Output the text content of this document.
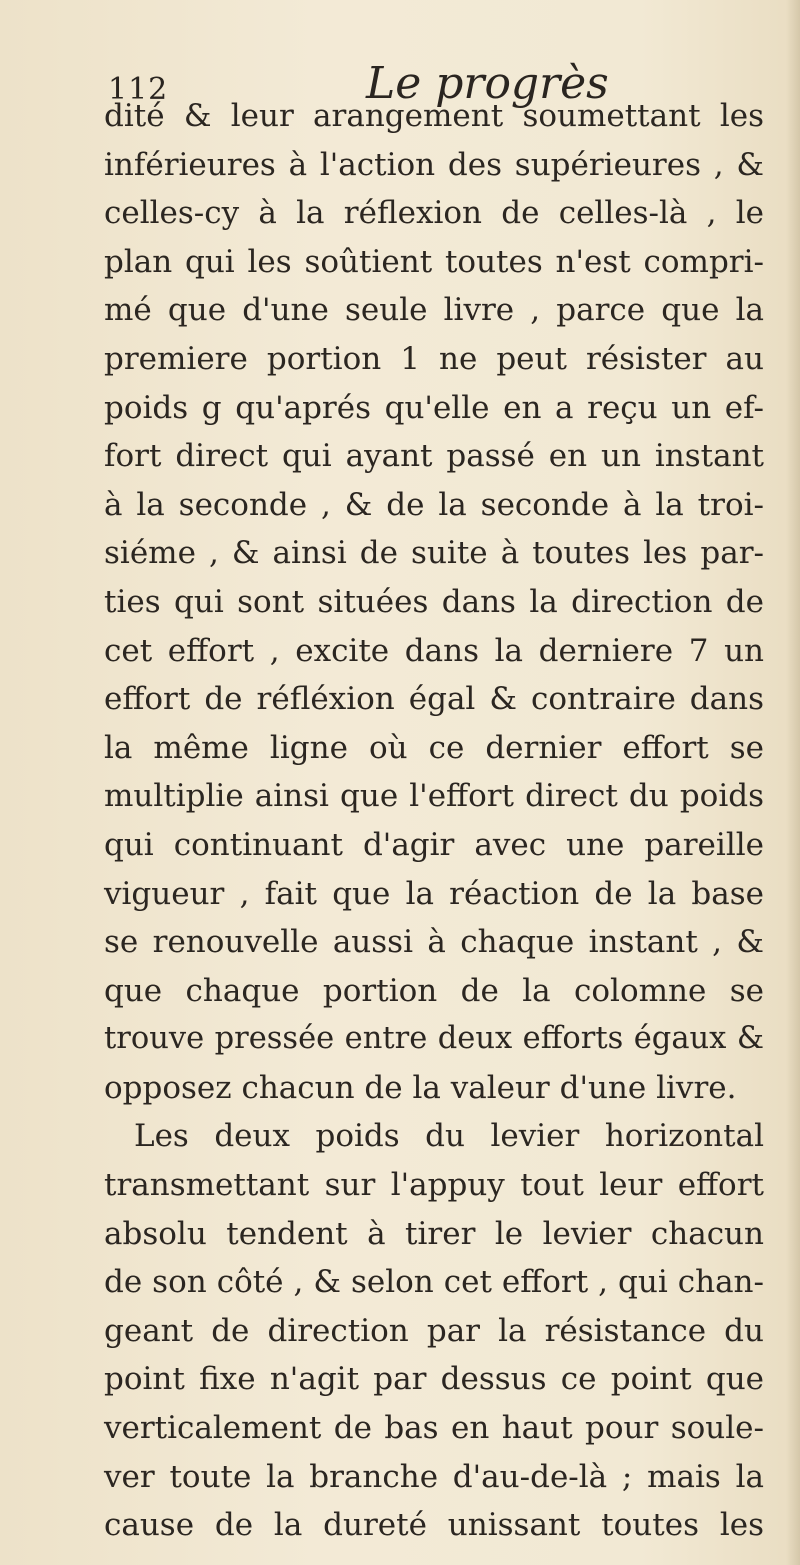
112	Le progrès
dité & leur arangement soumettant les
inférieures à l'action des supérieures , &
celles-cy à la réflexion de celles-là , le
plan qui les soûtient toutes n'est compri-
mé que d'une seule livre , parce que la
premiere portion 1 ne peut résister au
poids g qu'aprés qu'elle en a reçu un ef-
fort direct qui ayant passé en un instant
à la seconde , & de la seconde à la troi-
siéme , & ainsi de suite à toutes les par-
ties qui sont situées dans la direction de
cet effort , excite dans la derniere 7 un
effort de réfléxion égal & contraire dans
la même ligne où ce dernier effort se
multiplie ainsi que l'effort direct du poids
qui continuant d'agir avec une pareille
vigueur , fait que la réaction de la base
se renouvelle aussi à chaque instant , &
que chaque portion de la colomne se
trouve pressée entre deux efforts égaux &
opposez chacun de la valeur d'une livre.
Les deux poids du levier horizontal
transmettant sur l'appuy tout leur effort
absolu tendent à tirer le levier chacun
de son côté , & selon cet effort , qui chan-
geant de direction par la résistance du
point fixe n'agit par dessus ce point que
verticalement de bas en haut pour soule-
ver toute la branche d'au-de-là ; mais la
cause de la dureté unissant toutes les
